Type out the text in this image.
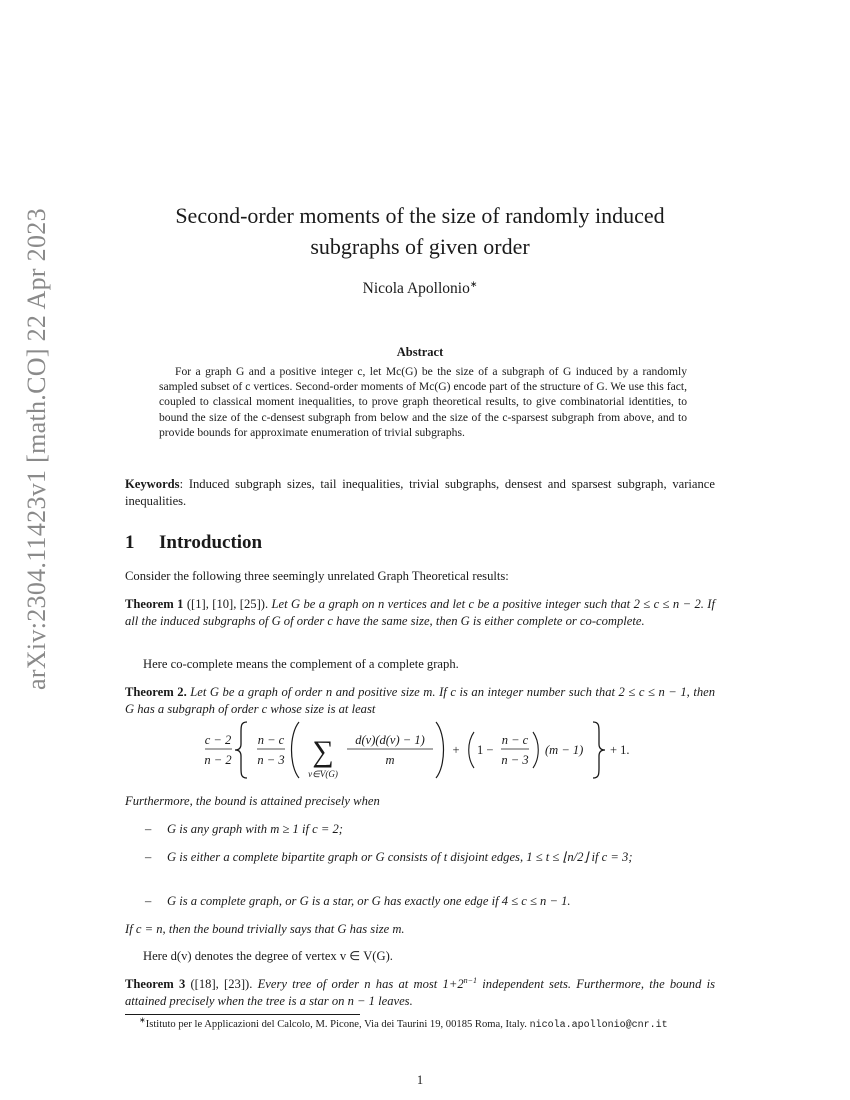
arXiv:2304.11423v1 [math.CO] 22 Apr 2023	Second-order moments of the size of randomly induced
subgraphs of given order
Nicola Apollonio∗
Abstract
For a graph G and a positive integer c, let Mc(G) be the size of a subgraph of G induced by a randomly sampled subset of c vertices. Second-order moments of Mc(G) encode part of the structure of G. We use this fact, coupled to classical moment inequalities, to prove graph theoretical results, to give combinatorial identities, to bound the size of the c-densest subgraph from below and the size of the c-sparsest subgraph from above, and to provide bounds for approximate enumeration of trivial subgraphs.
Keywords: Induced subgraph sizes, tail inequalities, trivial subgraphs, densest and sparsest subgraph, variance inequalities.
1 Introduction
Consider the following three seemingly unrelated Graph Theoretical results:
Theorem 1 ([1], [10], [25]). Let G be a graph on n vertices and let c be a positive integer such that 2 ≤ c ≤ n − 2. If all the induced subgraphs of G of order c have the same size, then G is either complete or co-complete.
Here co-complete means the complement of a complete graph.
Theorem 2. Let G be a graph of order n and positive size m. If c is an integer number such that 2 ≤ c ≤ n − 1, then G has a subgraph of order c whose size is at least
c − 2
n − 2
n − c
n − 3 ∑
v∈V(G)
d(v)(d(v) − 1)
m
+ 1 −
n − c
n − 3
(m − 1) + 1.
Furthermore, the bound is attained precisely when
– G is any graph with m ≥ 1 if c = 2;
– G is either a complete bipartite graph or G consists of t disjoint edges, 1 ≤ t ≤ ⌊n/2⌋ if c = 3;
– G is a complete graph, or G is a star, or G has exactly one edge if 4 ≤ c ≤ n − 1.
If c = n, then the bound trivially says that G has size m.
Here d(v) denotes the degree of vertex v ∈ V(G).
Theorem 3 ([18], [23]). Every tree of order n has at most $1+2^{n-1}$ independent sets. Furthermore, the bound is attained precisely when the tree is a star on n − 1 leaves.
∗Istituto per le Applicazioni del Calcolo, M. Picone, Via dei Taurini 19, 00185 Roma, Italy. nicola.apollonio@cnr.it
1
